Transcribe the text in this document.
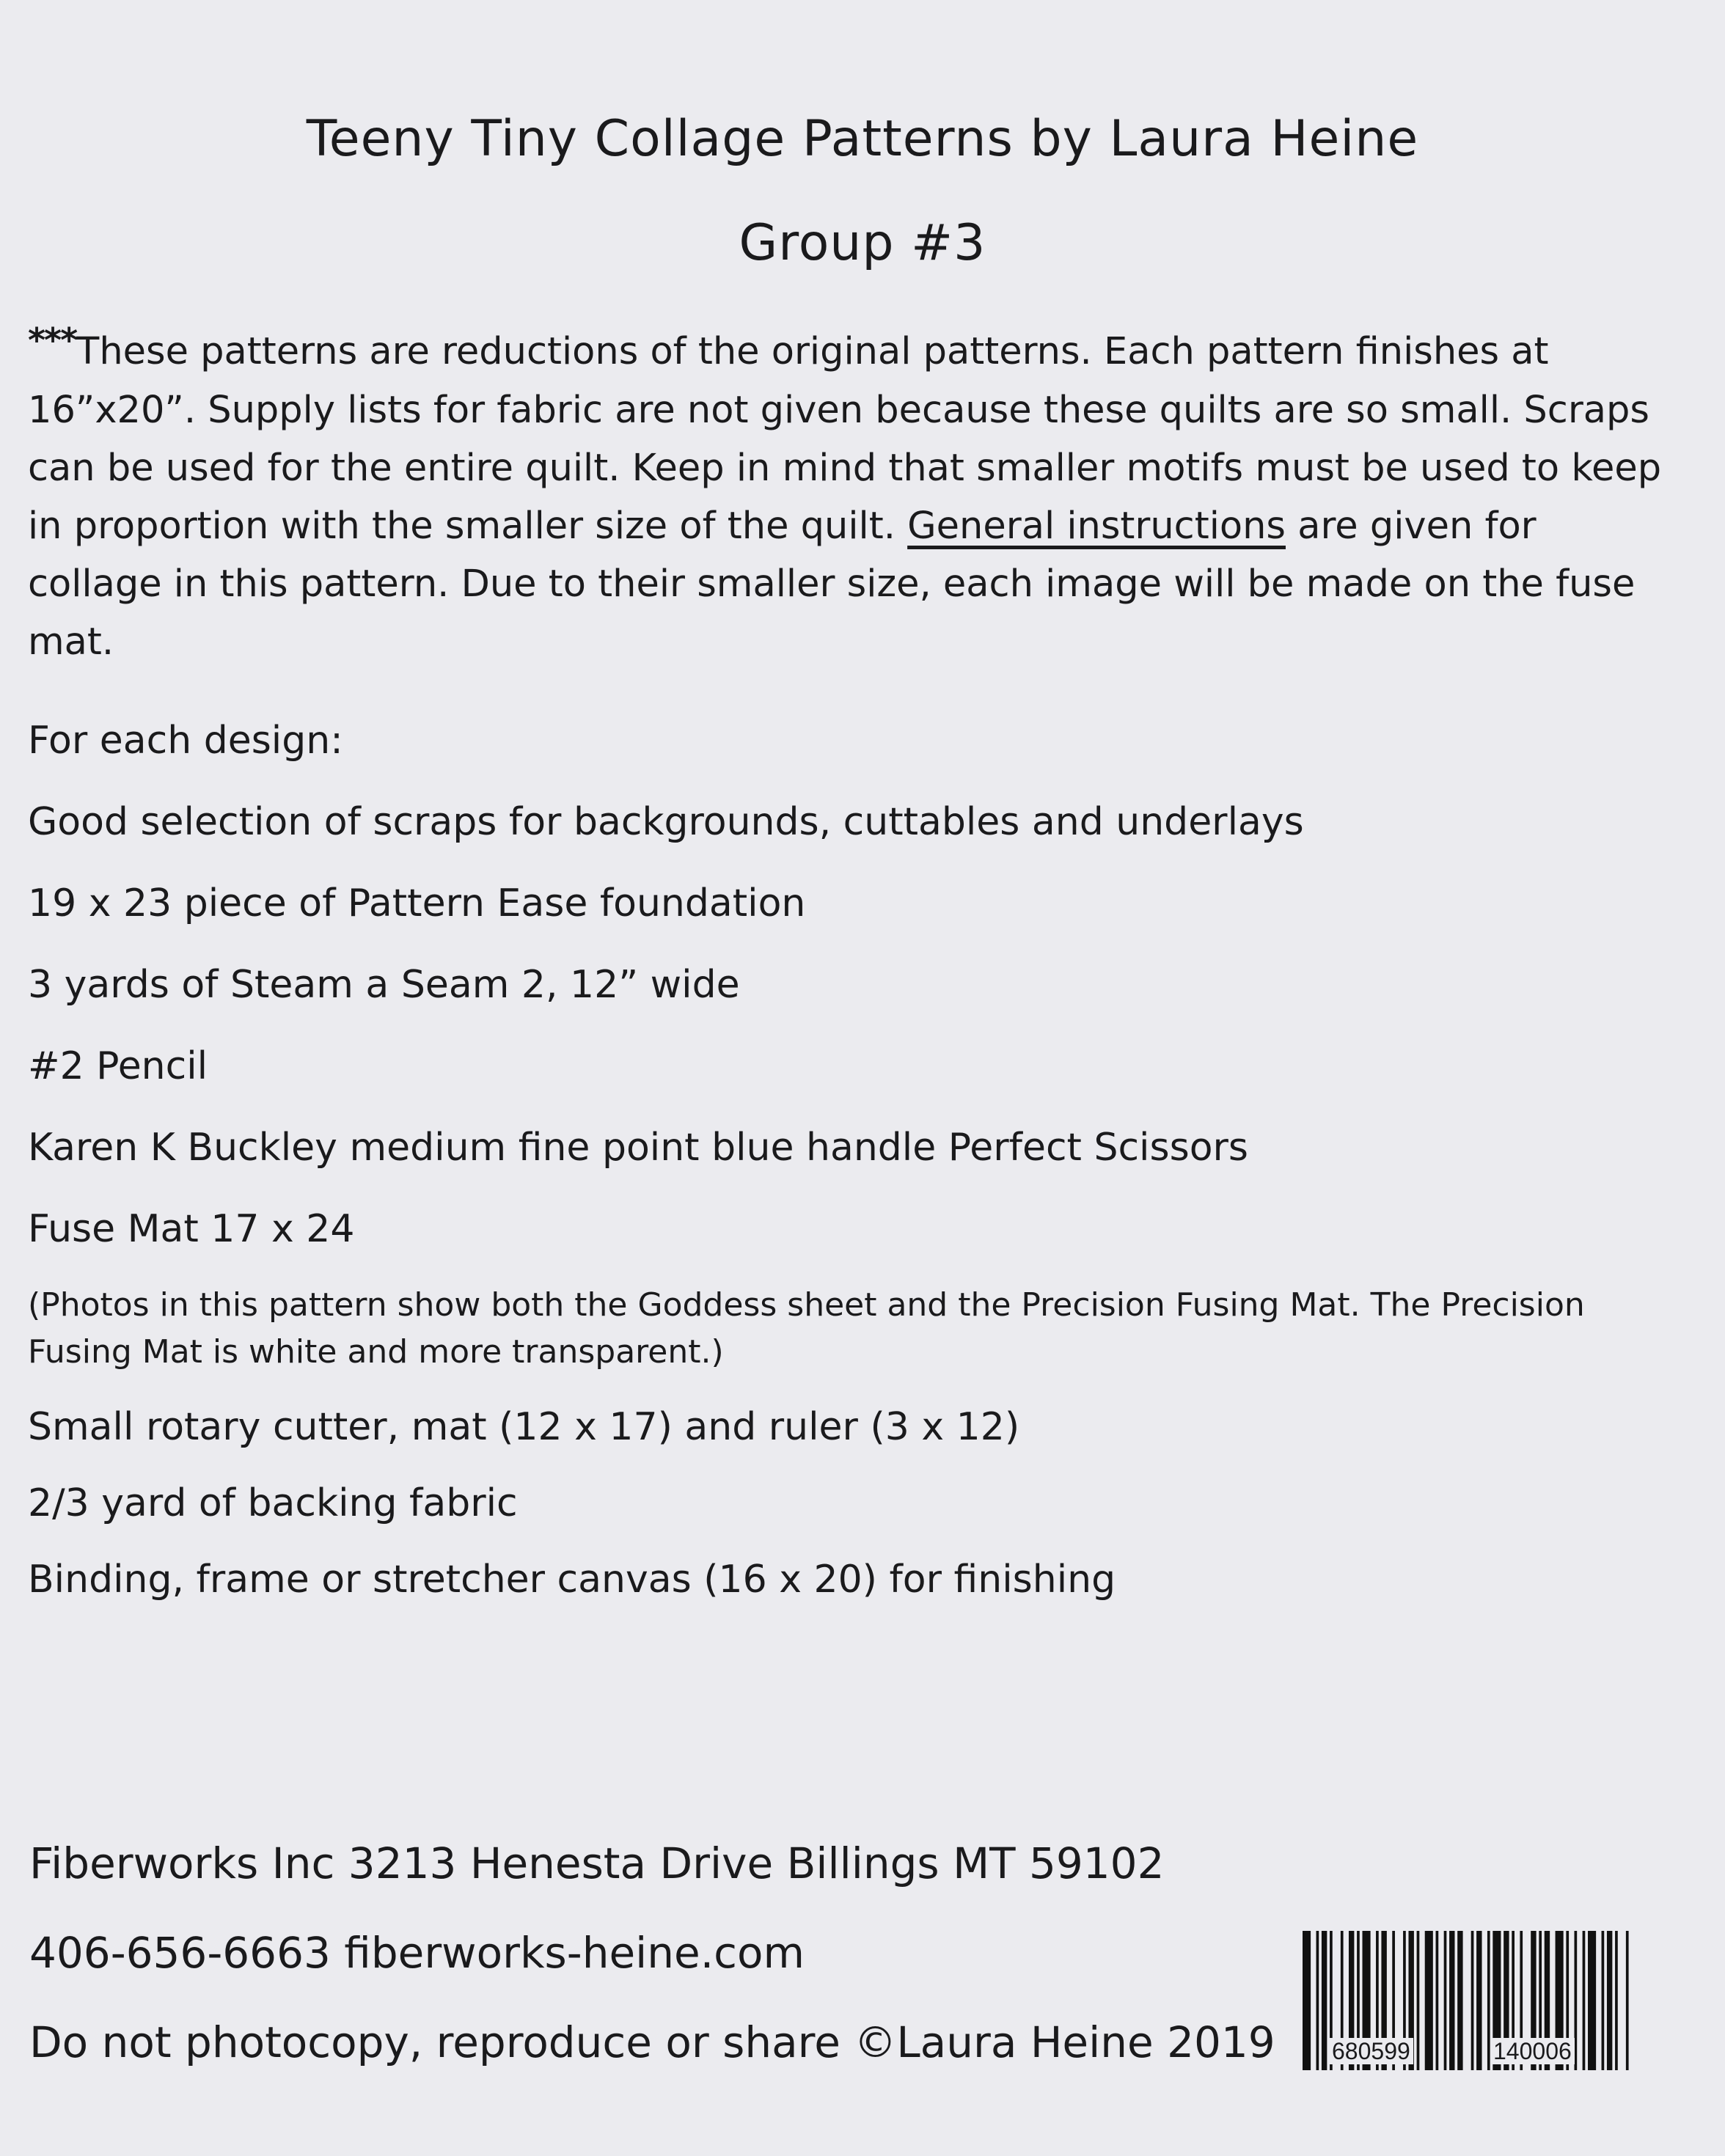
Teeny Tiny Collage Patterns by Laura Heine
Group #3
***These patterns are reductions of the original patterns. Each pattern finishes at 16”x20”. Supply lists for fabric are not given because these quilts are so small. Scraps can be used for the entire quilt. Keep in mind that smaller motifs must be used to keep in proportion with the smaller size of the quilt. General instructions are given for collage in this pattern. Due to their smaller size, each image will be made on the fuse mat.
For each design:
Good selection of scraps for backgrounds, cuttables and underlays
19 x 23 piece of Pattern Ease foundation
3 yards of Steam a Seam 2, 12” wide
#2 Pencil
Karen K Buckley medium fine point blue handle Perfect Scissors
Fuse Mat 17 x 24
(Photos in this pattern show both the Goddess sheet and the Precision Fusing Mat. The Precision Fusing Mat is white and more transparent.)
Small rotary cutter, mat (12 x 17) and ruler (3 x 12)
2/3 yard of backing fabric
Binding, frame or stretcher canvas (16 x 20) for finishing
Fiberworks Inc 3213 Henesta Drive Billings MT 59102
406-656-6663 fiberworks-heine.com
Do not photocopy, reproduce or share ©Laura Heine 2019 680599	140006
